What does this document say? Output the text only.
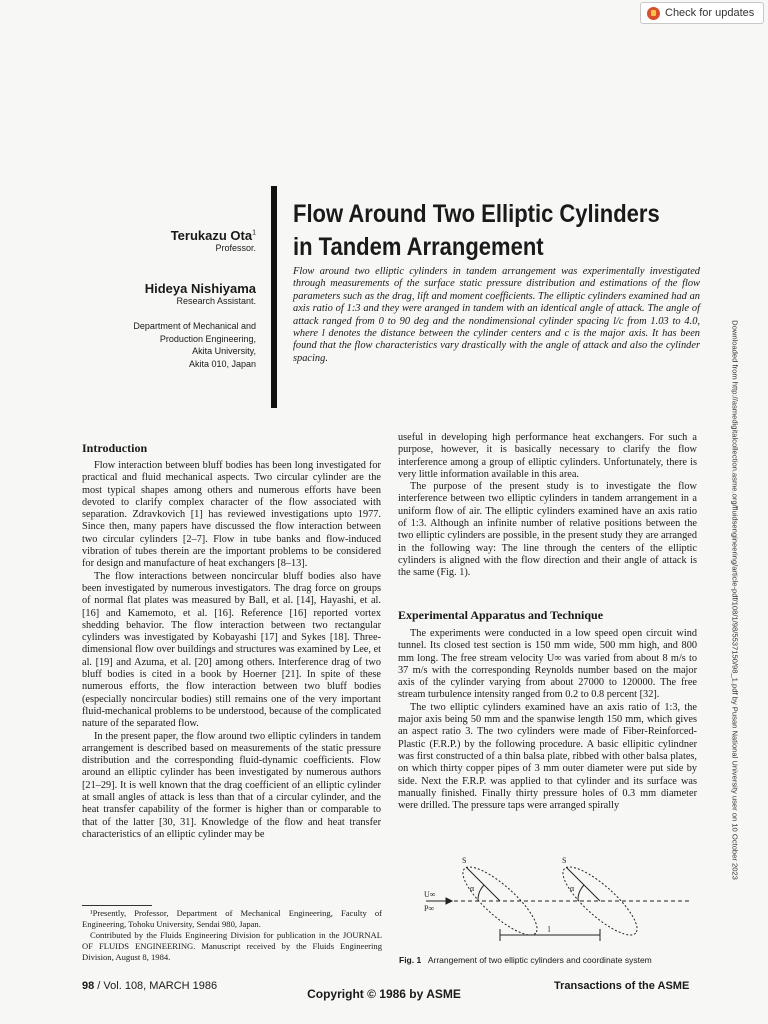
Check for updates
Terukazu Ota$^1$
Professor.
Hideya Nishiyama
Research Assistant.
Department of Mechanical and
Production Engineering,
Akita University,
Akita 010, Japan
Flow Around Two Elliptic Cylinders
in Tandem Arrangement
Flow around two elliptic cylinders in tandem arrangement was experimentally investigated through measurements of the surface static pressure distribution and estimations of the flow parameters such as the drag, lift and moment coefficients. The elliptic cylinders examined had an axis ratio of 1:3 and they were aranged in tandem with an identical angle of attack. The angle of attack ranged from 0 to 90 deg and the nondimensional cylinder spacing l/c from 1.03 to 4.0, where l denotes the distance between the cylinder centers and c is the major axis. It has been found that the flow characteristics vary drastically with the angle of attack and also the cylinder spacing.	Downloaded from http://asmedigitalcollection.asme.org/fluidsengineering/article-pdf/108/1/98/5537150/98_1.pdf by Pusan National University user on 10 October 2023
Introduction

Flow interaction between bluff bodies has been long investigated for practical and fluid mechanical aspects. Two circular cylinder are the most typical shapes among others and numerous efforts have been devoted to clarify complex character of the flow associated with separation. Zdravkovich [1] has reviewed investigations upto 1977. Since then, many papers have discussed the flow interaction between two circular cylinders [2–7]. Flow in tube banks and flow-induced vibration of tubes therein are the important problems to be considered for design and manufacture of heat exchangers [8–13].

The flow interactions between noncircular bluff bodies also have been investigated by numerous investigators. The drag force on groups of normal flat plates was measured by Ball, et al. [14], Hayashi, et al. [16] and Kamemoto, et al. [16]. Reference [16] reported vortex shedding behavior. The flow interaction between two rectangular cylinders was investigated by Kobayashi [17] and Sykes [18]. Three-dimensional flow over buildings and structures was examined by Lee, et al. [19] and Azuma, et al. [20] among others. Interference drag of two bluff bodies is cited in a book by Hoerner [21]. In spite of these numerous efforts, the flow interaction between two bluff bodies (especially noncircular bodies) still remains one of the very important fluid-mechanical problems to be understood, because of the complicated nature of the separated flow.

In the present paper, the flow around two elliptic cylinders in tandem arrangement is described based on measurements of the static pressure distribution and the corresponding fluid-dynamic coefficients. Flow around an elliptic cylinder has been investigated by numerous authors [21–29]. It is well known that the drag coefficient of an elliptic cylinder at small angles of attack is less than that of a circular cylinder, and the heat transfer capability of the former is higher than or comparable to that of the latter [30, 31]. Knowledge of the flow and heat transfer characteristics of an elliptic cylinder may be

useful in developing high performance heat exchangers. For such a purpose, however, it is basically necessary to clarify the flow interference among a group of elliptic cylinders. Unfortunately, there is very little information available in this area.

The purpose of the present study is to investigate the flow interference between two elliptic cylinders in tandem arrangement in a uniform flow of air. The elliptic cylinders examined have an axis ratio of 1:3. Although an infinite number of relative positions between the two elliptic cylinders are possible, in the present study they are arranged in the following way: The line through the centers of the elliptic cylinders is aligned with the flow direction and their angle of attack is the same (Fig. 1).

Experimental Apparatus and Technique

The experiments were conducted in a low speed open circuit wind tunnel. Its closed test section is 150 mm wide, 500 mm high, and 800 mm long. The free stream velocity U∞ was varied from about 8 m/s to 37 m/s with the corresponding Reynolds number based on the major axis of the cylinder varying from about 27000 to 120000. The free stream turbulence intensity ranged from 0.2 to 0.8 percent [32].

The two elliptic cylinders examined have an axis ratio of 1:3, the major axis being 50 mm and the spanwise length 150 mm, which gives an aspect ratio 3. The two cylinders were made of Fiber-Reinforced-Plastic (F.R.P.) by the following procedure. A basic ellipitic cylindner was first constructed of a thin balsa plate, ribbed with other balsa plates, on which thirty copper pipes of 3 mm outer diameter were put side by side. Next the F.R.P. was applied to that cylinder and its surface was manually finished. Finally thirty pressure holes of 0.3 mm diameter were drilled. The pressure taps were arranged spirally

¹Presently, Professor, Department of Mechanical Engineering, Faculty of Engineering, Tohoku University, Sendai 980, Japan.

Contributed by the Fluids Engineering Division for publication in the JOURNAL OF FLUIDS ENGINEERING. Manuscript received by the Fluids Engineering Division, August 8, 1984.

U∞
P∞
S	S
α	α
l
Fig. 1 Arrangement of two elliptic cylinders and coordinate system
98 / Vol. 108, MARCH 1986
Copyright © 1986 by ASME
Transactions of the ASME
